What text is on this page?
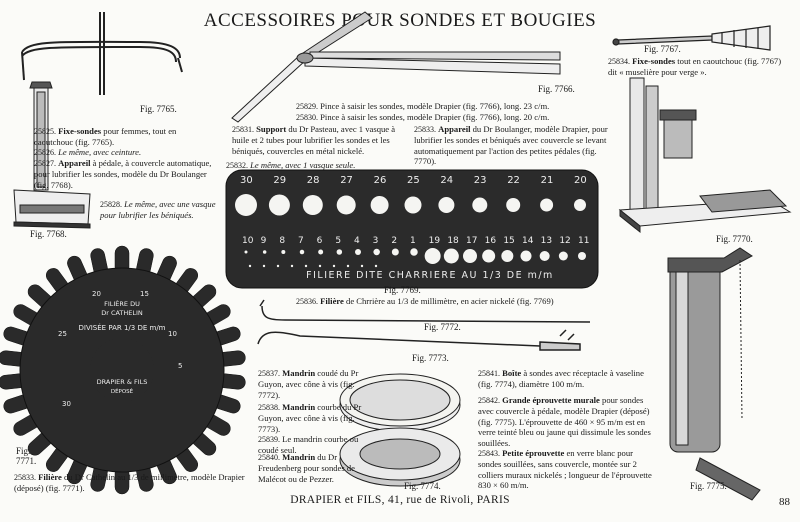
ACCESSOIRES POUR SONDES ET BOUGIES
30 29 28 27 26 25 24 23 22 21 20
10 9 8 7 6 5 4 3 2 1 19 18 17 16 15 14 13 12 11
FILIERE DITE CHARRIERE AU 1/3 DE m/m
FILIÈRE DU
Dr CATHELIN
DIVISÉE PAR 1/3 DE m/m
DRAPIER & FILS
DÉPOSÉ
5
10
15
20
25
30
Fig. 7765.
Fig. 7766.
Fig. 7767.
Fig. 7768.
Fig. 7769.
Fig. 7770.
Fig. 7771.
Fig. 7772.
Fig. 7773.
Fig. 7774.	Fig. 7775.
25825. Fixe-sondes pour femmes, tout en caoutchouc (fig. 7765).
25826. Le même, avec ceinture.
25827. Appareil à pédale, à couvercle automatique, pour lubrifier les sondes, modèle du Dr Boulanger (fig. 7768).
25828. Le même, avec une vasque pour lubrifier les béniqués.
25829. Pince à saisir les sondes, modèle Drapier (fig. 7766), long. 23 c/m.
25830. Pince à saisir les sondes, modèle Drapier (fig. 7766), long. 20 c/m.
25831. Support du Dr Pasteau, avec 1 vasque à huile et 2 tubes pour lubrifier les sondes et les béniqués, couvercles en métal nickelé.
25832. Le même, avec 1 vasque seule.
25833. Appareil du Dr Boulanger, modèle Drapier, pour lubrifier les sondes et béniqués avec couvercle se levant automatiquement par l'action des petites pédales (fig. 7770).
25834. Fixe-sondes tout en caoutchouc (fig. 7767) dit « muselière pour verge ».
25836. Filière de Chrrière au 1/3 de millimètre, en acier nickelé (fig. 7769)
25837. Mandrin coudé du Pr Guyon, avec cône à vis (fig. 7772).
25838. Mandrin courbe du Pr Guyon, avec cône à vis (fig. 7773).
25839. Le mandrin courbe ou coudé seul.
25840. Mandrin du Dr Freudenberg pour sondes de Malécot ou de Pezzer.
25841. Boîte à sondes avec réceptacle à vaseline (fig. 7774), diamètre 100 m/m.
25842. Grande éprouvette murale pour sondes avec couvercle à pédale, modèle Drapier (déposé) (fig. 7775). L'éprouvette de 460 × 95 m/m est en verre teinté bleu ou jaune qui dissimule les sondes souillées.
25843. Petite éprouvette en verre blanc pour sondes souillées, sans couvercle, montée sur 2 colliers muraux nickelés ; longueur de l'éprouvette 830 × 60 m/m.
25833. Filière du Dr Cathelin au 1/3 de millimètre, modèle Drapier (déposé) (fig. 7771).
DRAPIER et FILS, 41, rue de Rivoli, PARIS	88
